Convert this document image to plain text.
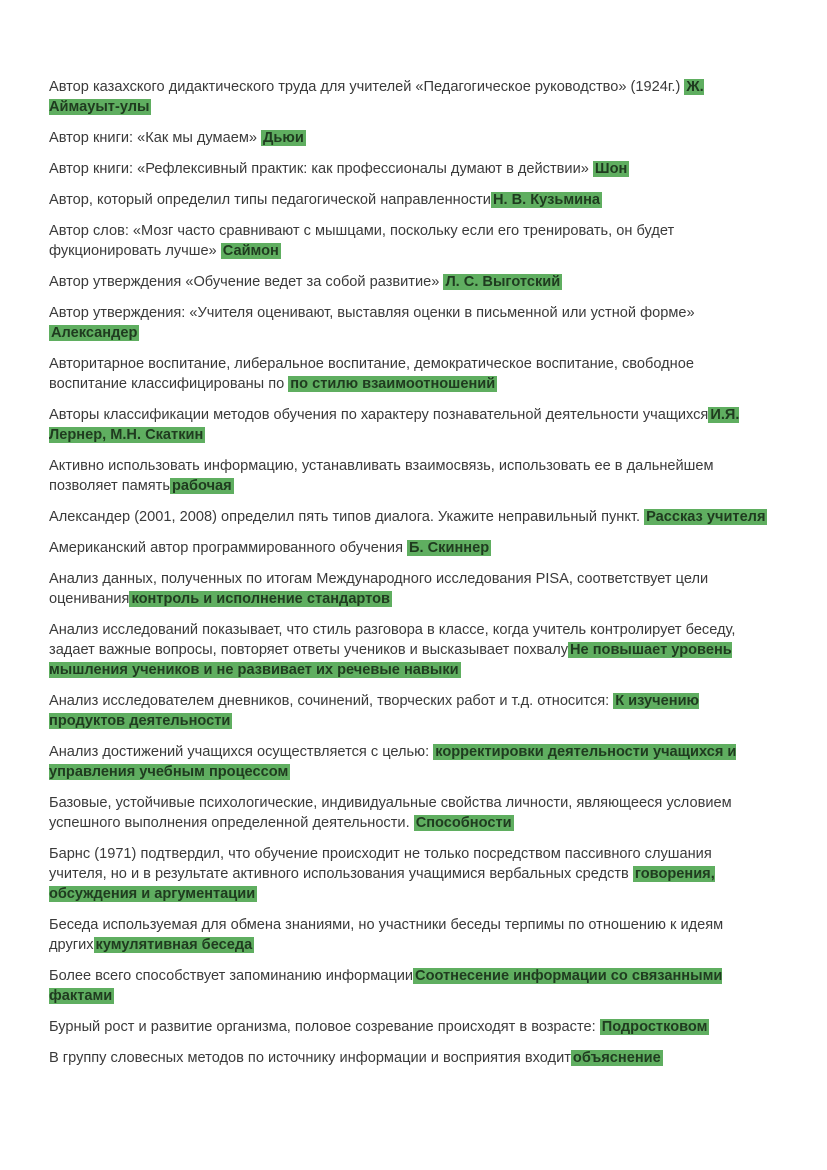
Автор казахского дидактического труда для учителей «Педагогическое руководство» (1924г.) Ж. Аймауыт-улы
Автор книги: «Как мы думаем» Дьюи
Автор книги: «Рефлексивный практик: как профессионалы думают в действии» Шон
Автор, который определил типы педагогической направленности Н. В. Кузьмина
Автор слов: «Мозг часто сравнивают с мышцами, поскольку если его тренировать, он будет фукционировать лучше» Саймон
Автор утверждения «Обучение ведет за собой развитие» Л. С. Выготский
Автор утверждения: «Учителя оценивают, выставляя оценки в письменной или устной форме» Александер
Авторитарное воспитание, либеральное воспитание, демократическое воспитание, свободное воспитание классифицированы по по стилю взаимоотношений
Авторы классификации методов обучения по характеру познавательной деятельности учащихся И.Я. Лернер, М.Н. Скаткин
Активно использовать информацию, устанавливать взаимосвязь, использовать ее в дальнейшем позволяет память рабочая
Александер (2001, 2008) определил пять типов диалога. Укажите неправильный пункт. Рассказ учителя
Американский автор программированного обучения Б. Скиннер
Анализ данных, полученных по итогам Международного исследования PISA, соответствует цели оценивания контроль и исполнение стандартов
Анализ исследований показывает, что стиль разговора в классе, когда учитель контролирует беседу, задает важные вопросы, повторяет ответы учеников и высказывает похвалу Не повышает уровень мышления учеников и не развивает их речевые навыки
Анализ исследователем дневников, сочинений, творческих работ и т.д. относится: К изучению продуктов деятельности
Анализ достижений учащихся осуществляется с целью: корректировки деятельности учащихся и управления учебным процессом
Базовые, устойчивые психологические, индивидуальные свойства личности, являющееся условием успешного выполнения определенной деятельности. Способности
Барнс (1971) подтвердил, что обучение происходит не только посредством пассивного слушания учителя, но и в результате активного использования учащимися вербальных средств говорения, обсуждения и аргументации
Беседа используемая для обмена знаниями, но участники беседы терпимы по отношению к идеям других кумулятивная беседа
Более всего способствует запоминанию информации Соотнесение информации со связанными фактами
Бурный рост и развитие организма, половое созревание происходят в возрасте: Подростковом
В группу словесных методов по источнику информации и восприятия входит объяснение
